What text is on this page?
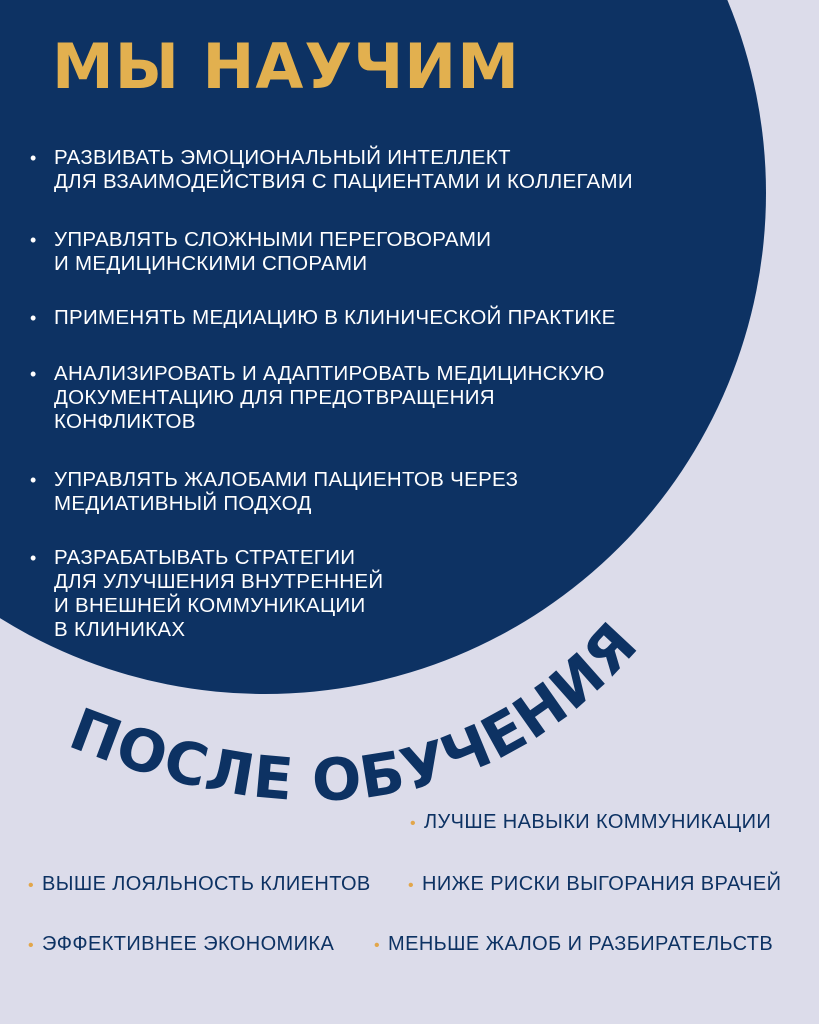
МЫ НАУЧИМ
• РАЗВИВАТЬ ЭМОЦИОНАЛЬНЫЙ ИНТЕЛЛЕКТ
ДЛЯ ВЗАИМОДЕЙСТВИЯ С ПАЦИЕНТАМИ И КОЛЛЕГАМИ
• УПРАВЛЯТЬ СЛОЖНЫМИ ПЕРЕГОВОРАМИ
И МЕДИЦИНСКИМИ СПОРАМИ
• ПРИМЕНЯТЬ МЕДИАЦИЮ В КЛИНИЧЕСКОЙ ПРАКТИКЕ
• АНАЛИЗИРОВАТЬ И АДАПТИРОВАТЬ МЕДИЦИНСКУЮ
ДОКУМЕНТАЦИЮ ДЛЯ ПРЕДОТВРАЩЕНИЯ
КОНФЛИКТОВ
• УПРАВЛЯТЬ ЖАЛОБАМИ ПАЦИЕНТОВ ЧЕРЕЗ
МЕДИАТИВНЫЙ ПОДХОД
• РАЗРАБАТЫВАТЬ СТРАТЕГИИ
ДЛЯ УЛУЧШЕНИЯ ВНУТРЕННЕЙ
И ВНЕШНЕЙ КОММУНИКАЦИИ
В КЛИНИКАХ
ПОСЛЕ ОБУЧЕНИЯ
• ЛУЧШЕ НАВЫКИ КОММУНИКАЦИИ
• ВЫШЕ ЛОЯЛЬНОСТЬ КЛИЕНТОВ • НИЖЕ РИСКИ ВЫГОРАНИЯ ВРАЧЕЙ
• ЭФФЕКТИВНЕЕ ЭКОНОМИКА • МЕНЬШЕ ЖАЛОБ И РАЗБИРАТЕЛЬСТВ
